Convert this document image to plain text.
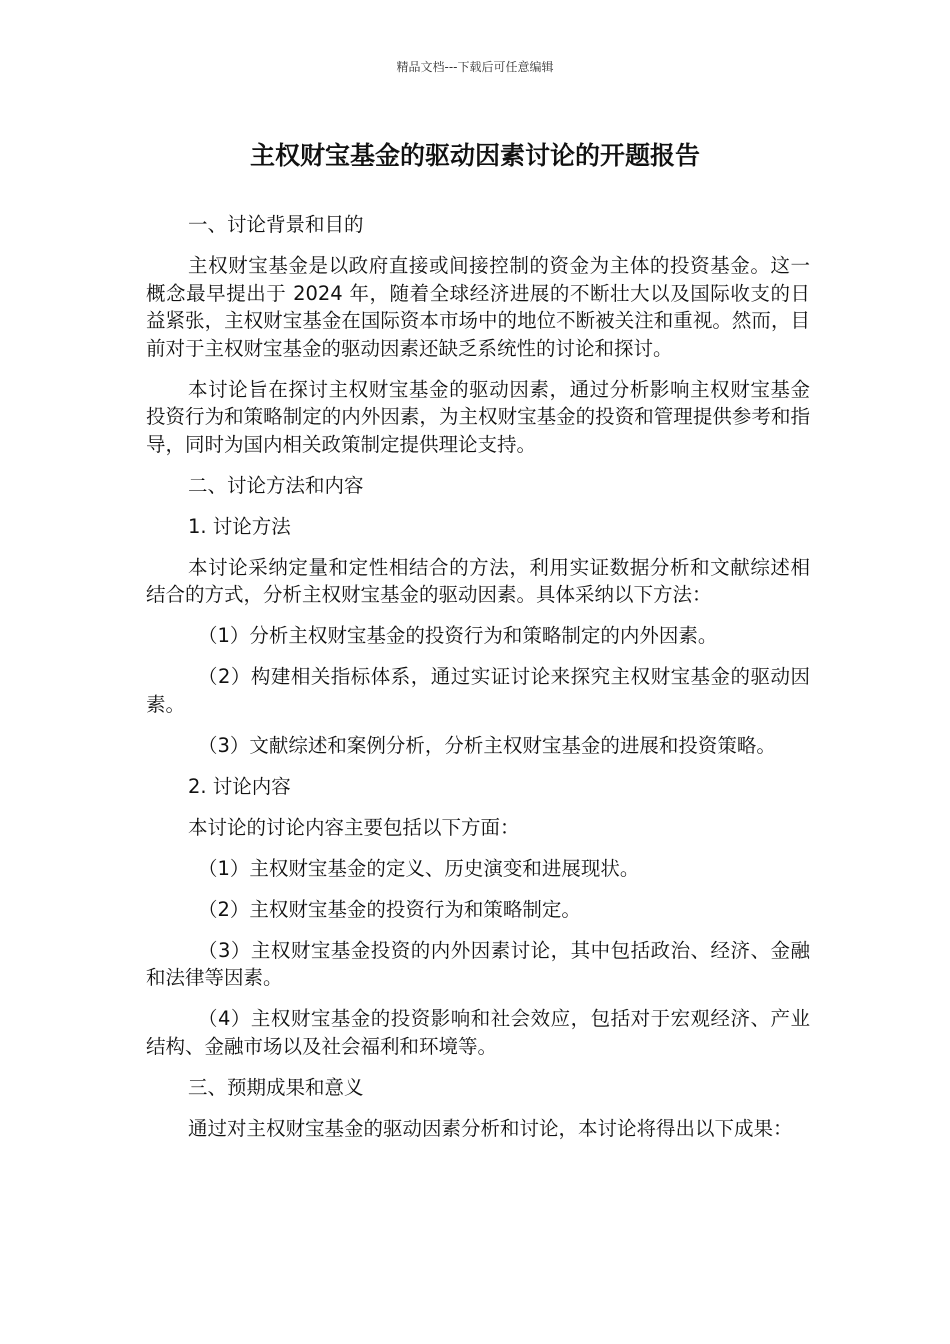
精品文档---下载后可任意编辑
主权财宝基金的驱动因素讨论的开题报告

一、讨论背景和目的

主权财宝基金是以政府直接或间接控制的资金为主体的投资基金。这一概念最早提出于 2024 年，随着全球经济进展的不断壮大以及国际收支的日益紧张，主权财宝基金在国际资本市场中的地位不断被关注和重视。然而，目前对于主权财宝基金的驱动因素还缺乏系统性的讨论和探讨。

本讨论旨在探讨主权财宝基金的驱动因素，通过分析影响主权财宝基金投资行为和策略制定的内外因素，为主权财宝基金的投资和管理提供参考和指导，同时为国内相关政策制定提供理论支持。

二、讨论方法和内容

1. 讨论方法

本讨论采纳定量和定性相结合的方法，利用实证数据分析和文献综述相结合的方式，分析主权财宝基金的驱动因素。具体采纳以下方法：

（1）分析主权财宝基金的投资行为和策略制定的内外因素。

（2）构建相关指标体系，通过实证讨论来探究主权财宝基金的驱动因素。

（3）文献综述和案例分析，分析主权财宝基金的进展和投资策略。

2. 讨论内容

本讨论的讨论内容主要包括以下方面：

（1）主权财宝基金的定义、历史演变和进展现状。

（2）主权财宝基金的投资行为和策略制定。

（3）主权财宝基金投资的内外因素讨论，其中包括政治、经济、金融和法律等因素。

（4）主权财宝基金的投资影响和社会效应，包括对于宏观经济、产业结构、金融市场以及社会福利和环境等。

三、预期成果和意义

通过对主权财宝基金的驱动因素分析和讨论，本讨论将得出以下成果：
